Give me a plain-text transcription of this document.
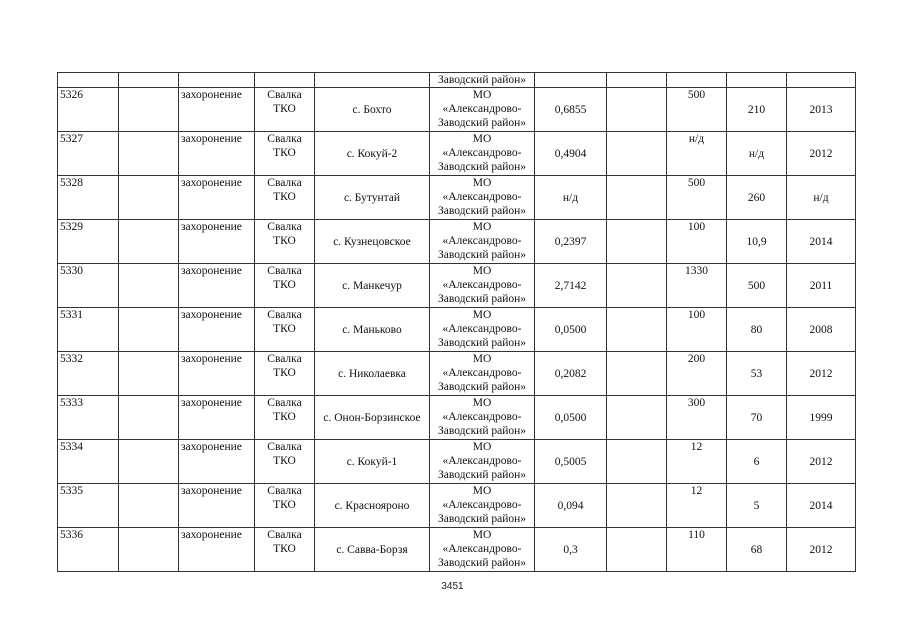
					Заводский район»					
5326		захоронение	Свалка
ТКО	с. Бохто	МО
«Александрово-
Заводский район»	0,6855		500	210	2013
5327		захоронение	Свалка
ТКО	с. Кокуй-2	МО
«Александрово-
Заводский район»	0,4904		н/д	н/д	2012
5328		захоронение	Свалка
ТКО	с. Бутунтай	МО
«Александрово-
Заводский район»	н/д		500	260	н/д
5329		захоронение	Свалка
ТКО	с. Кузнецовское	МО
«Александрово-
Заводский район»	0,2397		100	10,9	2014
5330		захоронение	Свалка
ТКО	с. Манкечур	МО
«Александрово-
Заводский район»	2,7142		1330	500	2011
5331		захоронение	Свалка
ТКО	с. Маньково	МО
«Александрово-
Заводский район»	0,0500		100	80	2008
5332		захоронение	Свалка
ТКО	с. Николаевка	МО
«Александрово-
Заводский район»	0,2082		200	53	2012
5333		захоронение	Свалка
ТКО	с. Онон-Борзинское	МО
«Александрово-
Заводский район»	0,0500		300	70	1999
5334		захоронение	Свалка
ТКО	с. Кокуй-1	МО
«Александрово-
Заводский район»	0,5005		12	6	2012
5335		захоронение	Свалка
ТКО	с. Краснояроно	МО
«Александрово-
Заводский район»	0,094		12	5	2014
5336		захоронение	Свалка
ТКО	с. Савва-Борзя	МО
«Александрово-
Заводский район»	0,3		110	68	2012
3451
